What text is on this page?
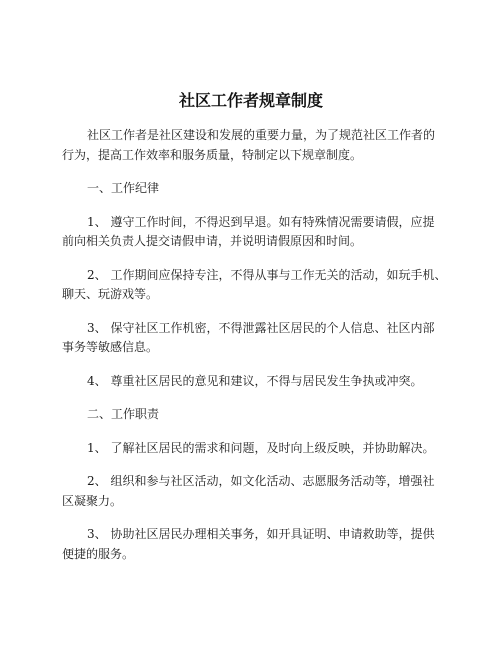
社区工作者规章制度

社区工作者是社区建设和发展的重要力量，为了规范社区工作者的
行为，提高工作效率和服务质量，特制定以下规章制度。

一、工作纪律

1、 遵守工作时间，不得迟到早退。如有特殊情况需要请假，应提
前向相关负责人提交请假申请，并说明请假原因和时间。

2、 工作期间应保持专注，不得从事与工作无关的活动，如玩手机、
聊天、玩游戏等。

3、 保守社区工作机密，不得泄露社区居民的个人信息、社区内部
事务等敏感信息。

4、 尊重社区居民的意见和建议，不得与居民发生争执或冲突。

二、工作职责

1、 了解社区居民的需求和问题，及时向上级反映，并协助解决。

2、 组织和参与社区活动，如文化活动、志愿服务活动等，增强社
区凝聚力。

3、 协助社区居民办理相关事务，如开具证明、申请救助等，提供
便捷的服务。
